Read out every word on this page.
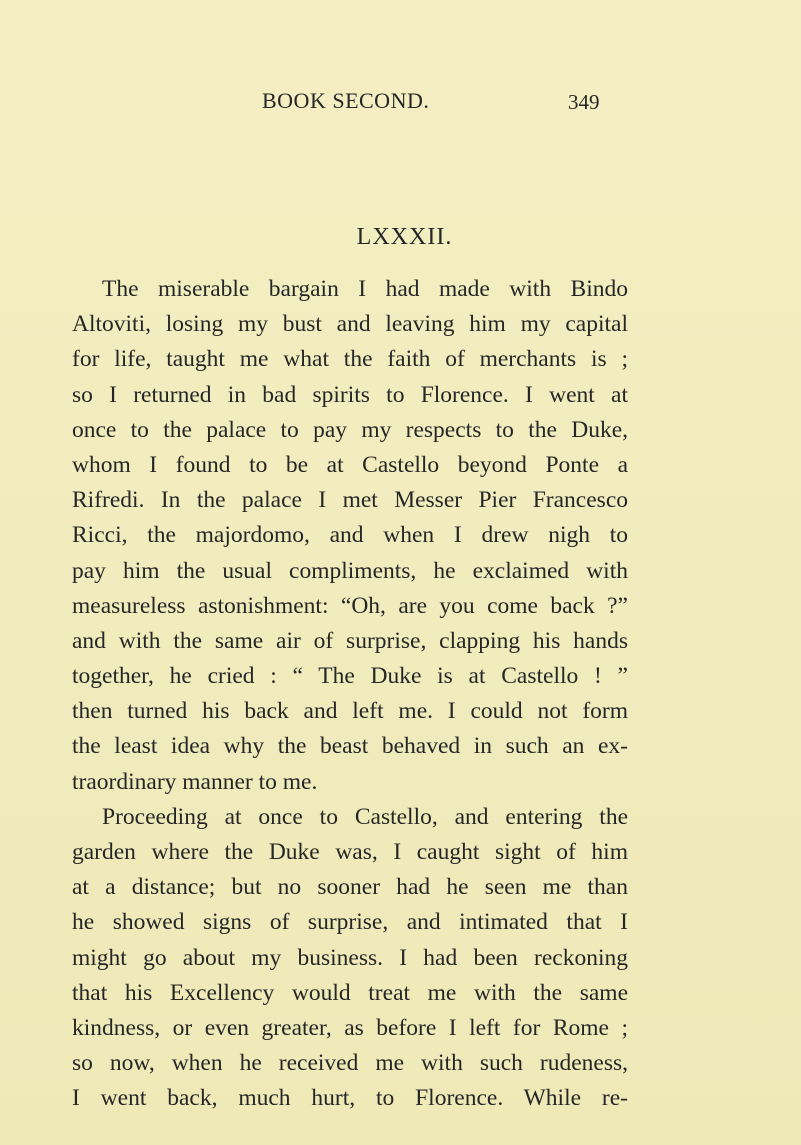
BOOK SECOND.	349
LXXXII.
The miserable bargain I had made with Bindo
Altoviti, losing my bust and leaving him my capital
for life, taught me what the faith of merchants is ;
so I returned in bad spirits to Florence. I went at
once to the palace to pay my respects to the Duke,
whom I found to be at Castello beyond Ponte a
Rifredi. In the palace I met Messer Pier Francesco
Ricci, the majordomo, and when I drew nigh to
pay him the usual compliments, he exclaimed with
measureless astonishment: “Oh, are you come back ?”
and with the same air of surprise, clapping his hands
together, he cried : “ The Duke is at Castello ! ”
then turned his back and left me. I could not form
the least idea why the beast behaved in such an ex-
traordinary manner to me.
Proceeding at once to Castello, and entering the
garden where the Duke was, I caught sight of him
at a distance; but no sooner had he seen me than
he showed signs of surprise, and intimated that I
might go about my business. I had been reckoning
that his Excellency would treat me with the same
kindness, or even greater, as before I left for Rome ;
so now, when he received me with such rudeness,
I went back, much hurt, to Florence. While re-
